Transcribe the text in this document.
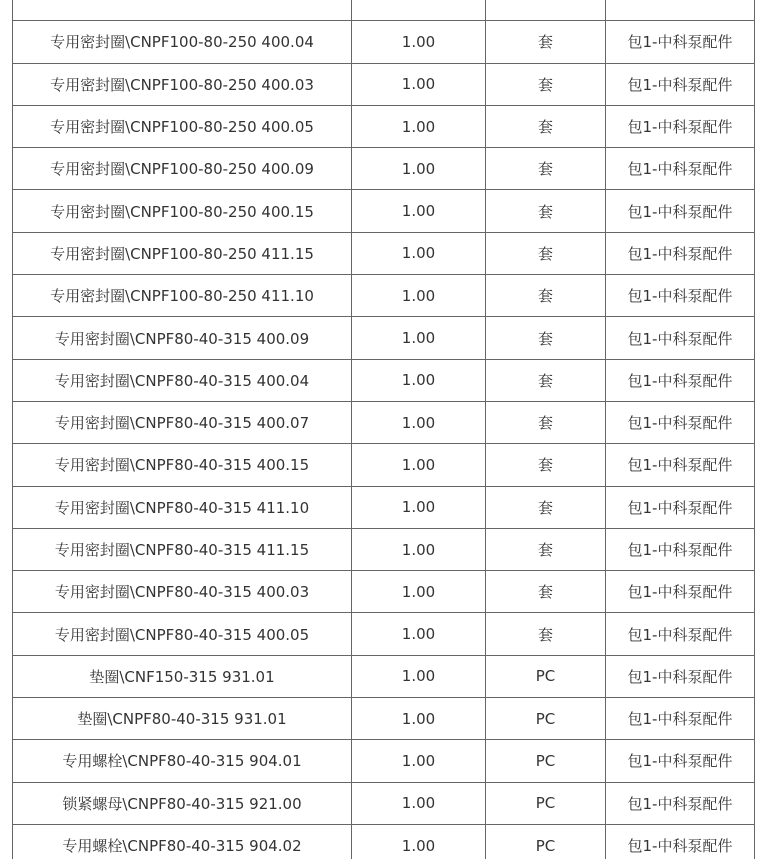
专用密封圈\CNPF100-80-250 400.04	1.00	套	包1-中科泵配件
专用密封圈\CNPF100-80-250 400.03	1.00	套	包1-中科泵配件
专用密封圈\CNPF100-80-250 400.05	1.00	套	包1-中科泵配件
专用密封圈\CNPF100-80-250 400.09	1.00	套	包1-中科泵配件
专用密封圈\CNPF100-80-250 400.15	1.00	套	包1-中科泵配件
专用密封圈\CNPF100-80-250 411.15	1.00	套	包1-中科泵配件
专用密封圈\CNPF100-80-250 411.10	1.00	套	包1-中科泵配件
专用密封圈\CNPF80-40-315 400.09	1.00	套	包1-中科泵配件
专用密封圈\CNPF80-40-315 400.04	1.00	套	包1-中科泵配件
专用密封圈\CNPF80-40-315 400.07	1.00	套	包1-中科泵配件
专用密封圈\CNPF80-40-315 400.15	1.00	套	包1-中科泵配件
专用密封圈\CNPF80-40-315 411.10	1.00	套	包1-中科泵配件
专用密封圈\CNPF80-40-315 411.15	1.00	套	包1-中科泵配件
专用密封圈\CNPF80-40-315 400.03	1.00	套	包1-中科泵配件
专用密封圈\CNPF80-40-315 400.05	1.00	套	包1-中科泵配件
垫圈\CNF150-315 931.01	1.00	PC	包1-中科泵配件
垫圈\CNPF80-40-315 931.01	1.00	PC	包1-中科泵配件
专用螺栓\CNPF80-40-315 904.01	1.00	PC	包1-中科泵配件
锁紧螺母\CNPF80-40-315 921.00	1.00	PC	包1-中科泵配件
专用螺栓\CNPF80-40-315 904.02	1.00	PC	包1-中科泵配件
